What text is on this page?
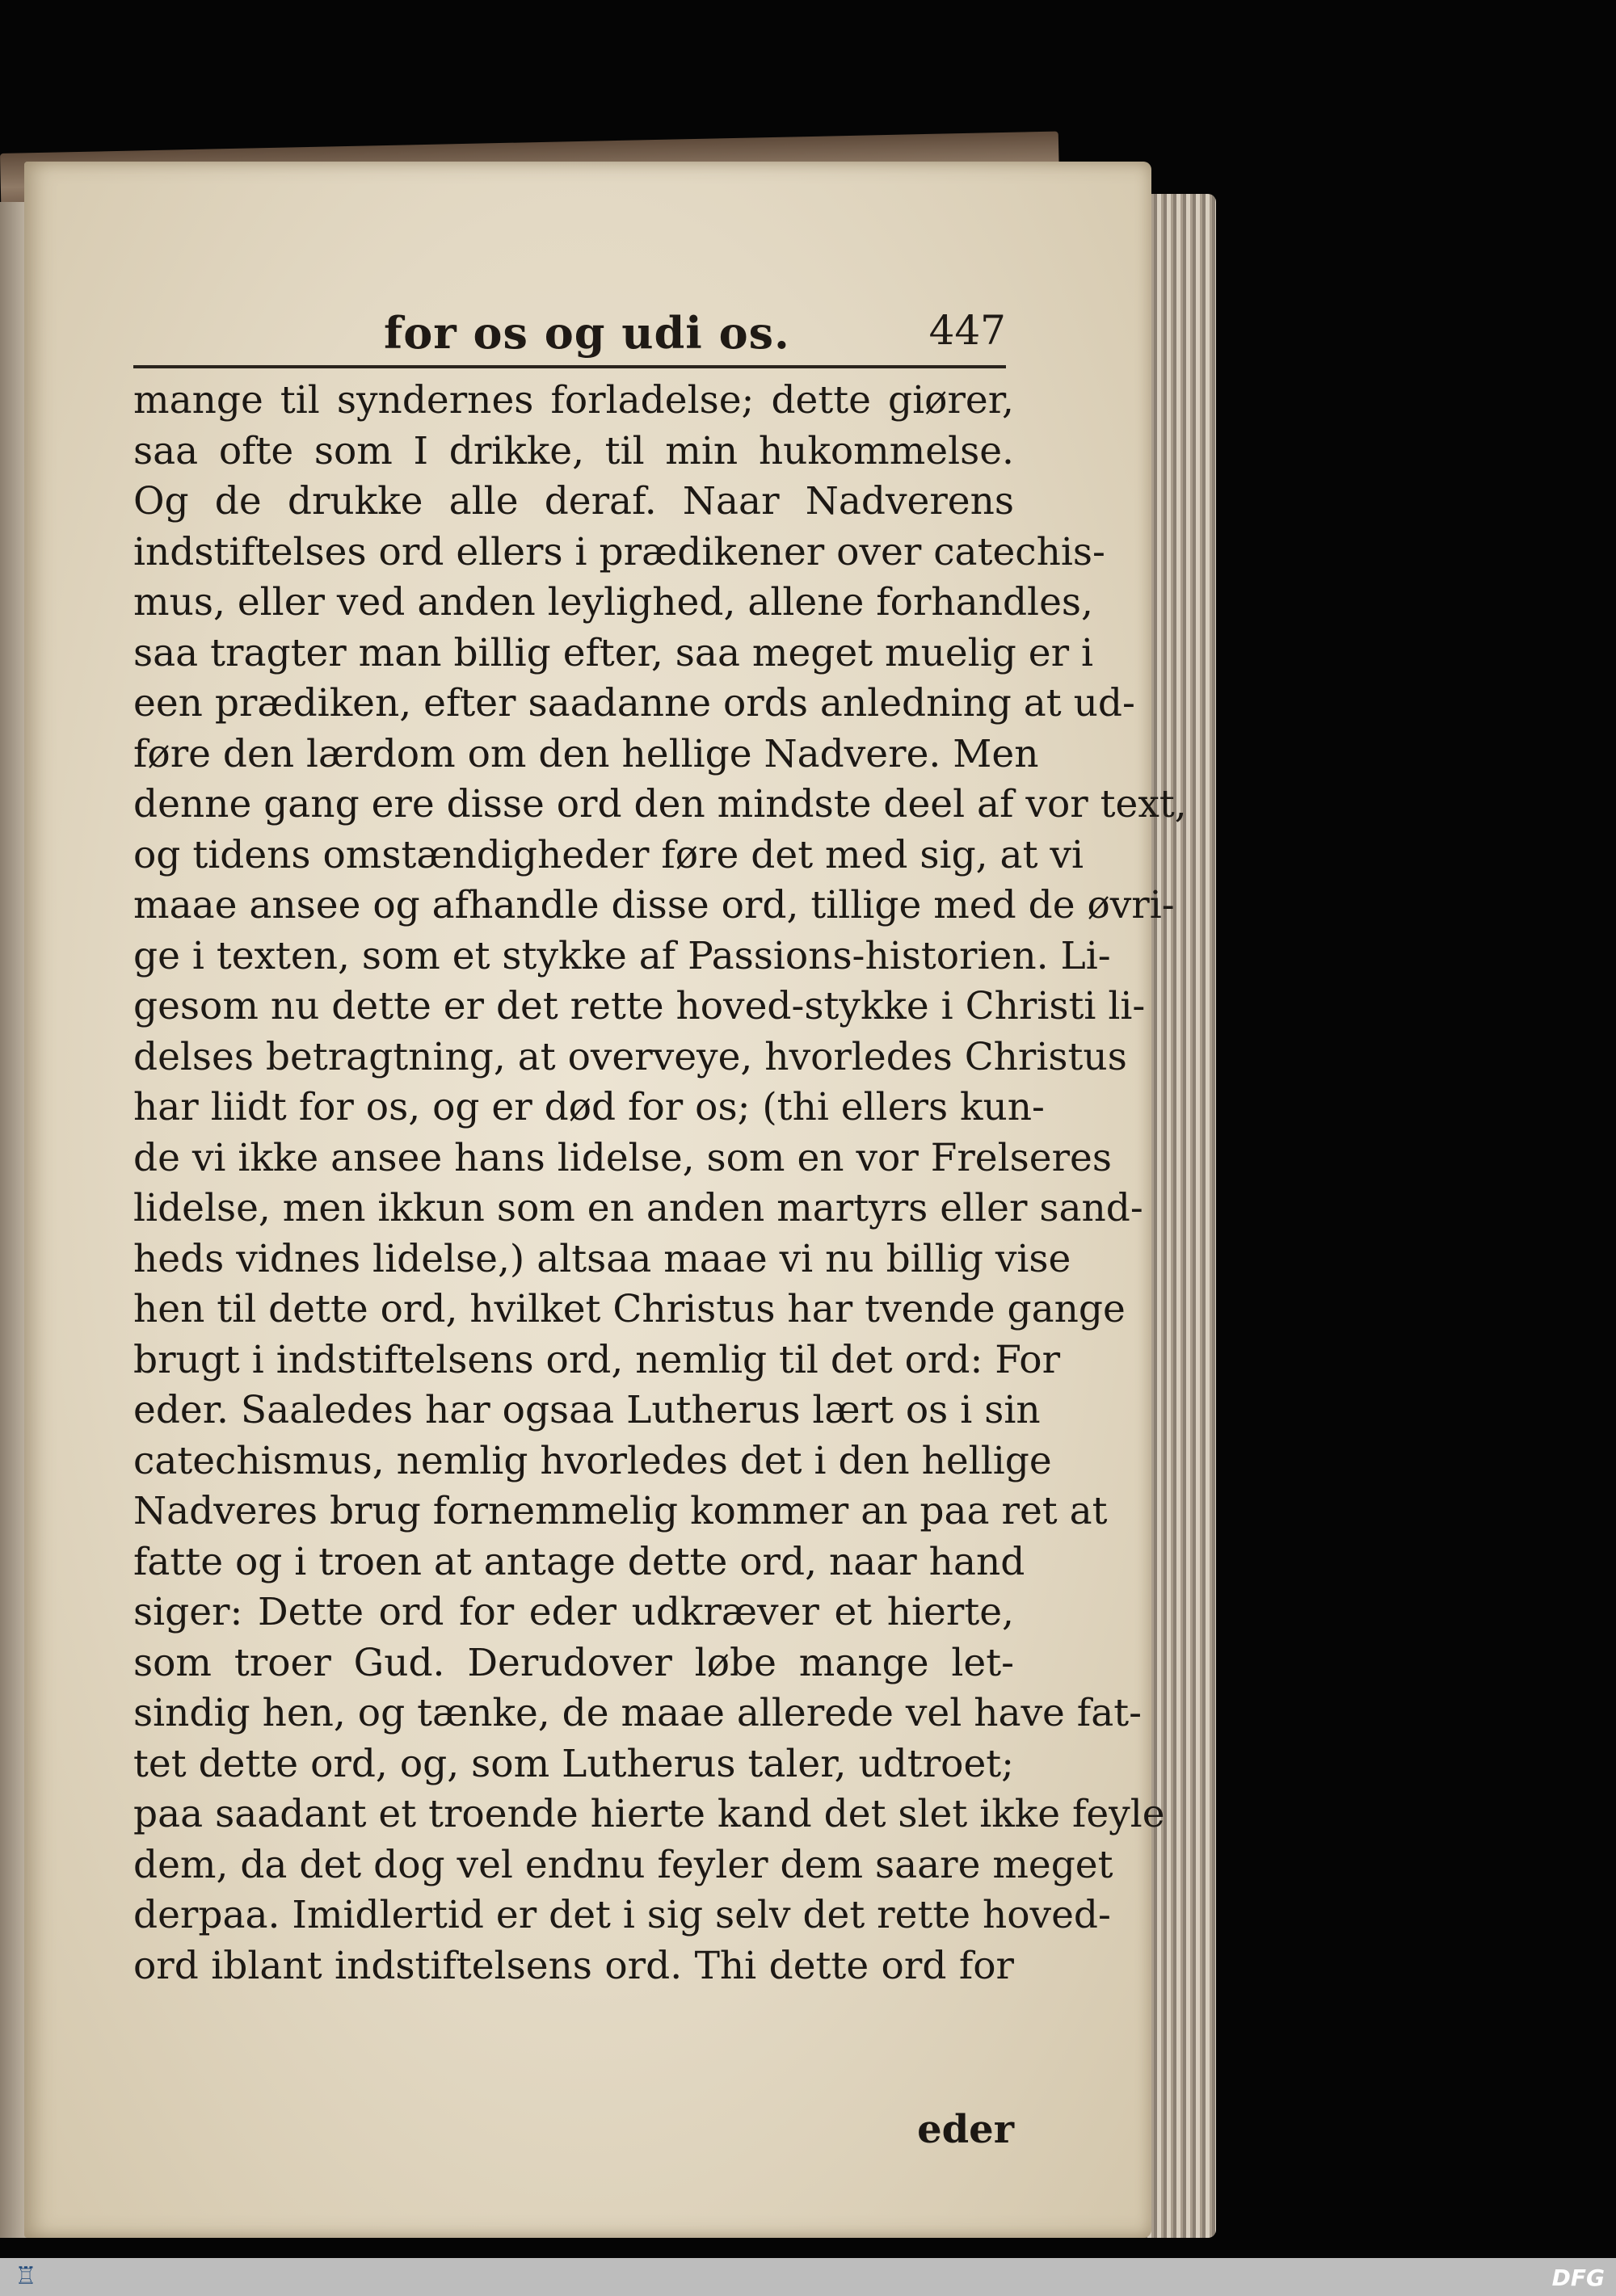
for os og udi os.	447
mange til syndernes forladelse; dette giører,
saa ofte som I drikke, til min hukommelse.
Og de drukke alle deraf. Naar Nadverens
indstiftelses ord ellers i prædikener over catechis-
mus, eller ved anden leylighed, allene forhandles,
saa tragter man billig efter, saa meget muelig er i
een prædiken, efter saadanne ords anledning at ud-
føre den lærdom om den hellige Nadvere. Men
denne gang ere disse ord den mindste deel af vor text,
og tidens omstændigheder føre det med sig, at vi
maae ansee og afhandle disse ord, tillige med de øvri-
ge i texten, som et stykke af Passions-historien. Li-
gesom nu dette er det rette hoved-stykke i Christi li-
delses betragtning, at overveye, hvorledes Christus
har liidt for os, og er død for os; (thi ellers kun-
de vi ikke ansee hans lidelse, som en vor Frelseres
lidelse, men ikkun som en anden martyrs eller sand-
heds vidnes lidelse,) altsaa maae vi nu billig vise
hen til dette ord, hvilket Christus har tvende gange
brugt i indstiftelsens ord, nemlig til det ord: For
eder. Saaledes har ogsaa Lutherus lært os i sin
catechismus, nemlig hvorledes det i den hellige
Nadveres brug fornemmelig kommer an paa ret at
fatte og i troen at antage dette ord, naar hand
siger: Dette ord for eder udkræver et hierte,
som troer Gud. Derudover løbe mange let-
sindig hen, og tænke, de maae allerede vel have fat-
tet dette ord, og, som Lutherus taler, udtroet;
paa saadant et troende hierte kand det slet ikke feyle
dem, da det dog vel endnu feyler dem saare meget
derpaa. Imidlertid er det i sig selv det rette hoved-
ord iblant indstiftelsens ord. Thi dette ord for
eder
♖	DFG
